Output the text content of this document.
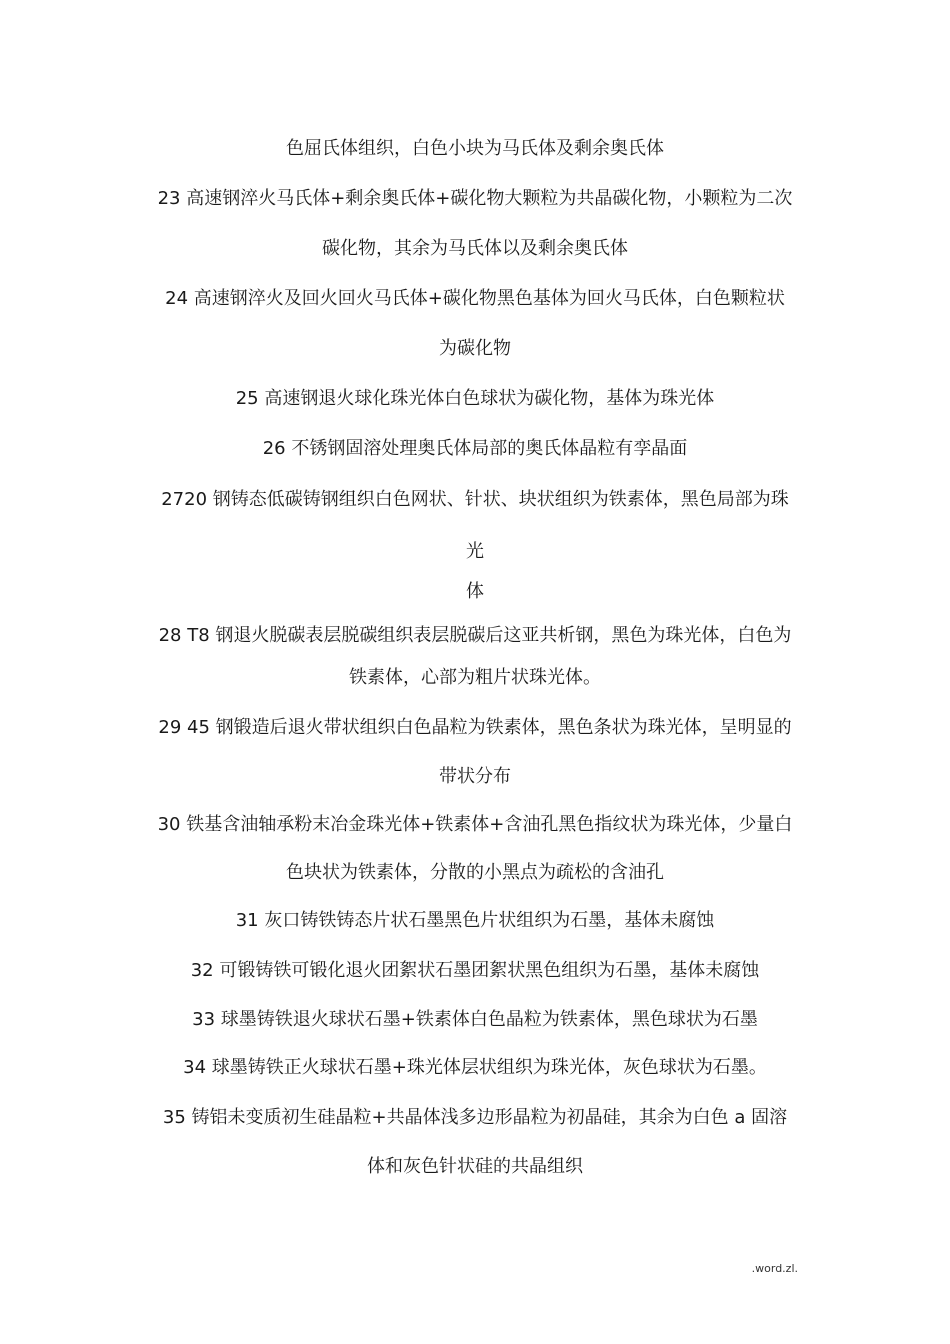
色屈氏体组织，白色小块为马氏体及剩余奥氏体
23 高速钢淬火马氏体+剩余奥氏体+碳化物大颗粒为共晶碳化物，小颗粒为二次
碳化物，其余为马氏体以及剩余奥氏体
24 高速钢淬火及回火回火马氏体+碳化物黑色基体为回火马氏体，白色颗粒状
为碳化物
25 高速钢退火球化珠光体白色球状为碳化物，基体为珠光体
26 不锈钢固溶处理奥氏体局部的奥氏体晶粒有孪晶面
2720 钢铸态低碳铸钢组织白色网状、针状、块状组织为铁素体，黑色局部为珠
光
体
28 T8 钢退火脱碳表层脱碳组织表层脱碳后这亚共析钢，黑色为珠光体，白色为
铁素体，心部为粗片状珠光体。
29 45 钢锻造后退火带状组织白色晶粒为铁素体，黑色条状为珠光体，呈明显的
带状分布
30 铁基含油轴承粉末冶金珠光体+铁素体+含油孔黑色指纹状为珠光体，少量白
色块状为铁素体，分散的小黑点为疏松的含油孔
31 灰口铸铁铸态片状石墨黑色片状组织为石墨，基体未腐蚀
32 可锻铸铁可锻化退火团絮状石墨团絮状黑色组织为石墨，基体未腐蚀
33 球墨铸铁退火球状石墨+铁素体白色晶粒为铁素体，黑色球状为石墨
34 球墨铸铁正火球状石墨+珠光体层状组织为珠光体，灰色球状为石墨。
35 铸铝未变质初生硅晶粒+共晶体浅多边形晶粒为初晶硅，其余为白色 a 固溶
体和灰色针状硅的共晶组织
.word.zl.
